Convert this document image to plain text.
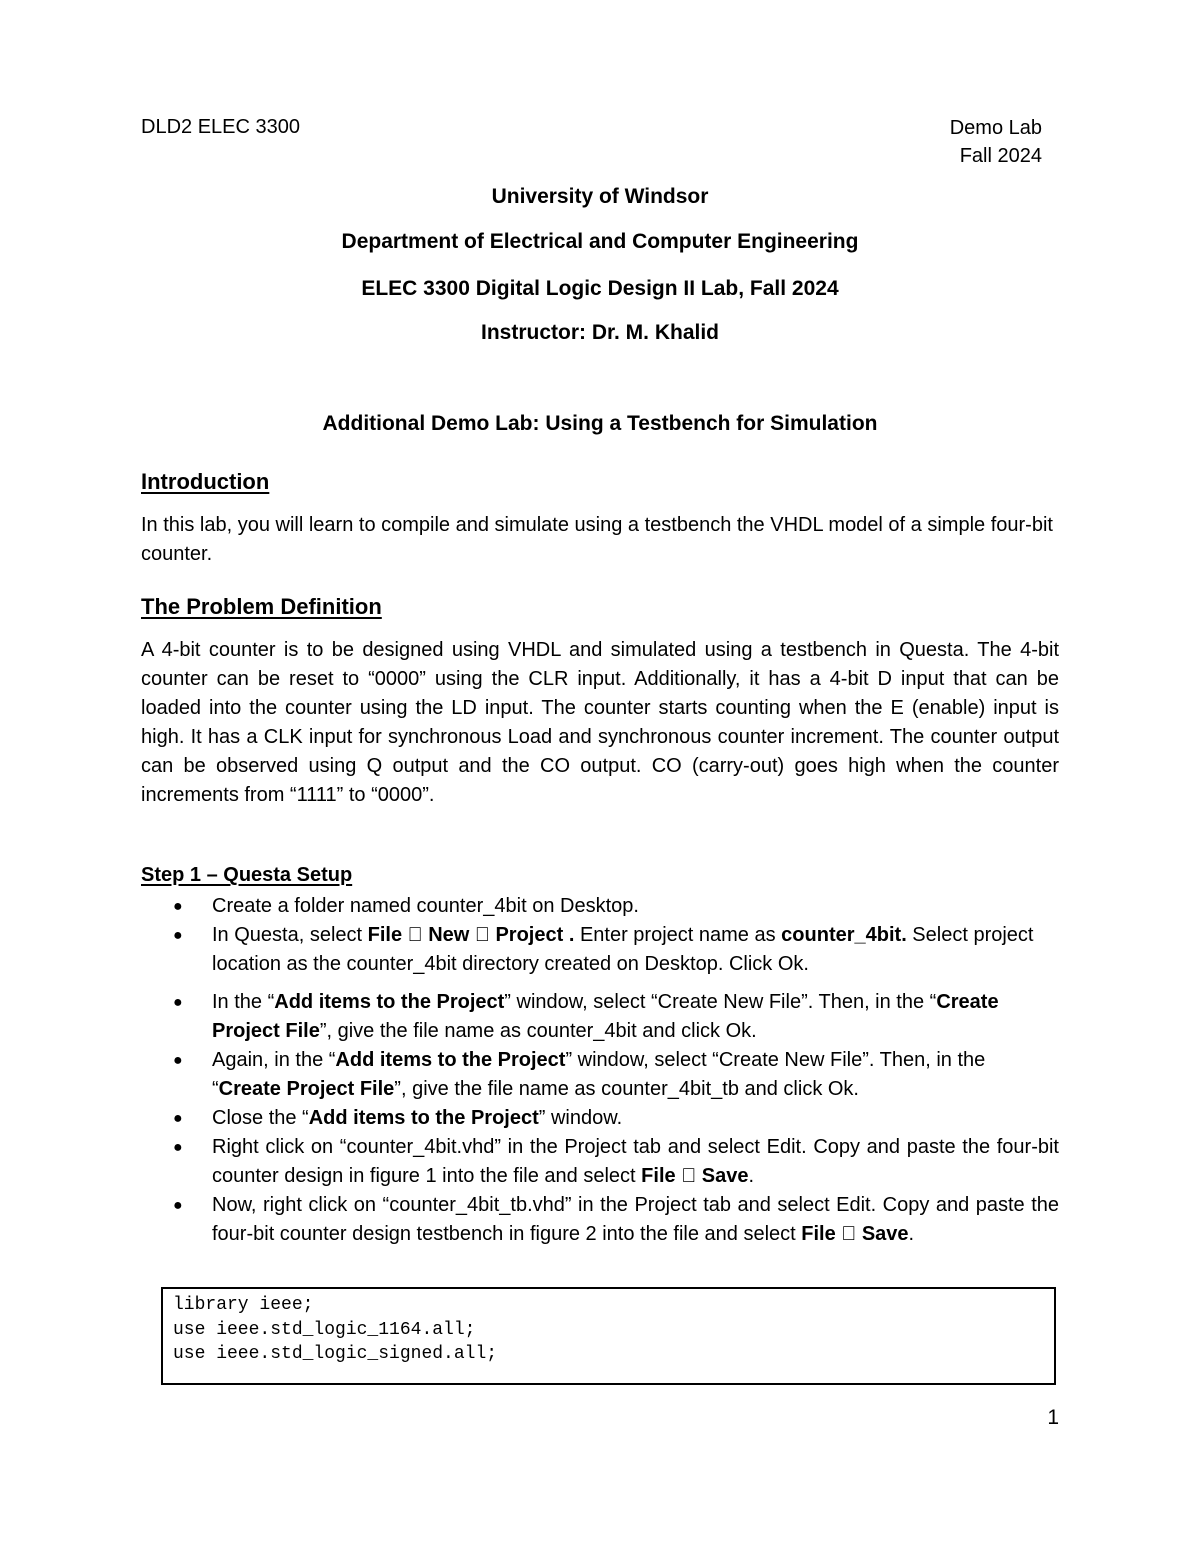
DLD2 ELEC 3300	Demo Lab
Fall 2024
University of Windsor
Department of Electrical and Computer Engineering
ELEC 3300 Digital Logic Design II Lab, Fall 2024
Instructor: Dr. M. Khalid
Additional Demo Lab: Using a Testbench for Simulation
Introduction
In this lab, you will learn to compile and simulate using a testbench the VHDL model of a simple four-bit counter.
The Problem Definition
A 4-bit counter is to be designed using VHDL and simulated using a testbench in Questa. The 4-bit counter can be reset to “0000” using the CLR input. Additionally, it has a 4-bit D input that can be loaded into the counter using the LD input. The counter starts counting when the E (enable) input is high. It has a CLK input for synchronous Load and synchronous counter increment. The counter output can be observed using Q output and the CO output. CO (carry-out) goes high when the counter increments from “1111” to “0000”.
Step 1 – Questa Setup
● Create a folder named counter_4bit on Desktop.
● In Questa, select File   New   Project . Enter project name as counter_4bit. Select project location as the counter_4bit directory created on Desktop. Click Ok.
● In the “Add items to the Project” window, select “Create New File”. Then, in the “Create Project File”, give the file name as counter_4bit and click Ok.
● Again, in the “Add items to the Project” window, select “Create New File”. Then, in the “Create Project File”, give the file name as counter_4bit_tb and click Ok.
● Close the “Add items to the Project” window.
● Right click on “counter_4bit.vhd” in the Project tab and select Edit. Copy and paste the four-bit counter design in figure 1 into the file and select File   Save.
● Now, right click on “counter_4bit_tb.vhd” in the Project tab and select Edit. Copy and paste the four-bit counter design testbench in figure 2 into the file and select File   Save.
library ieee;
use ieee.std_logic_1164.all;
use ieee.std_logic_signed.all;
1
